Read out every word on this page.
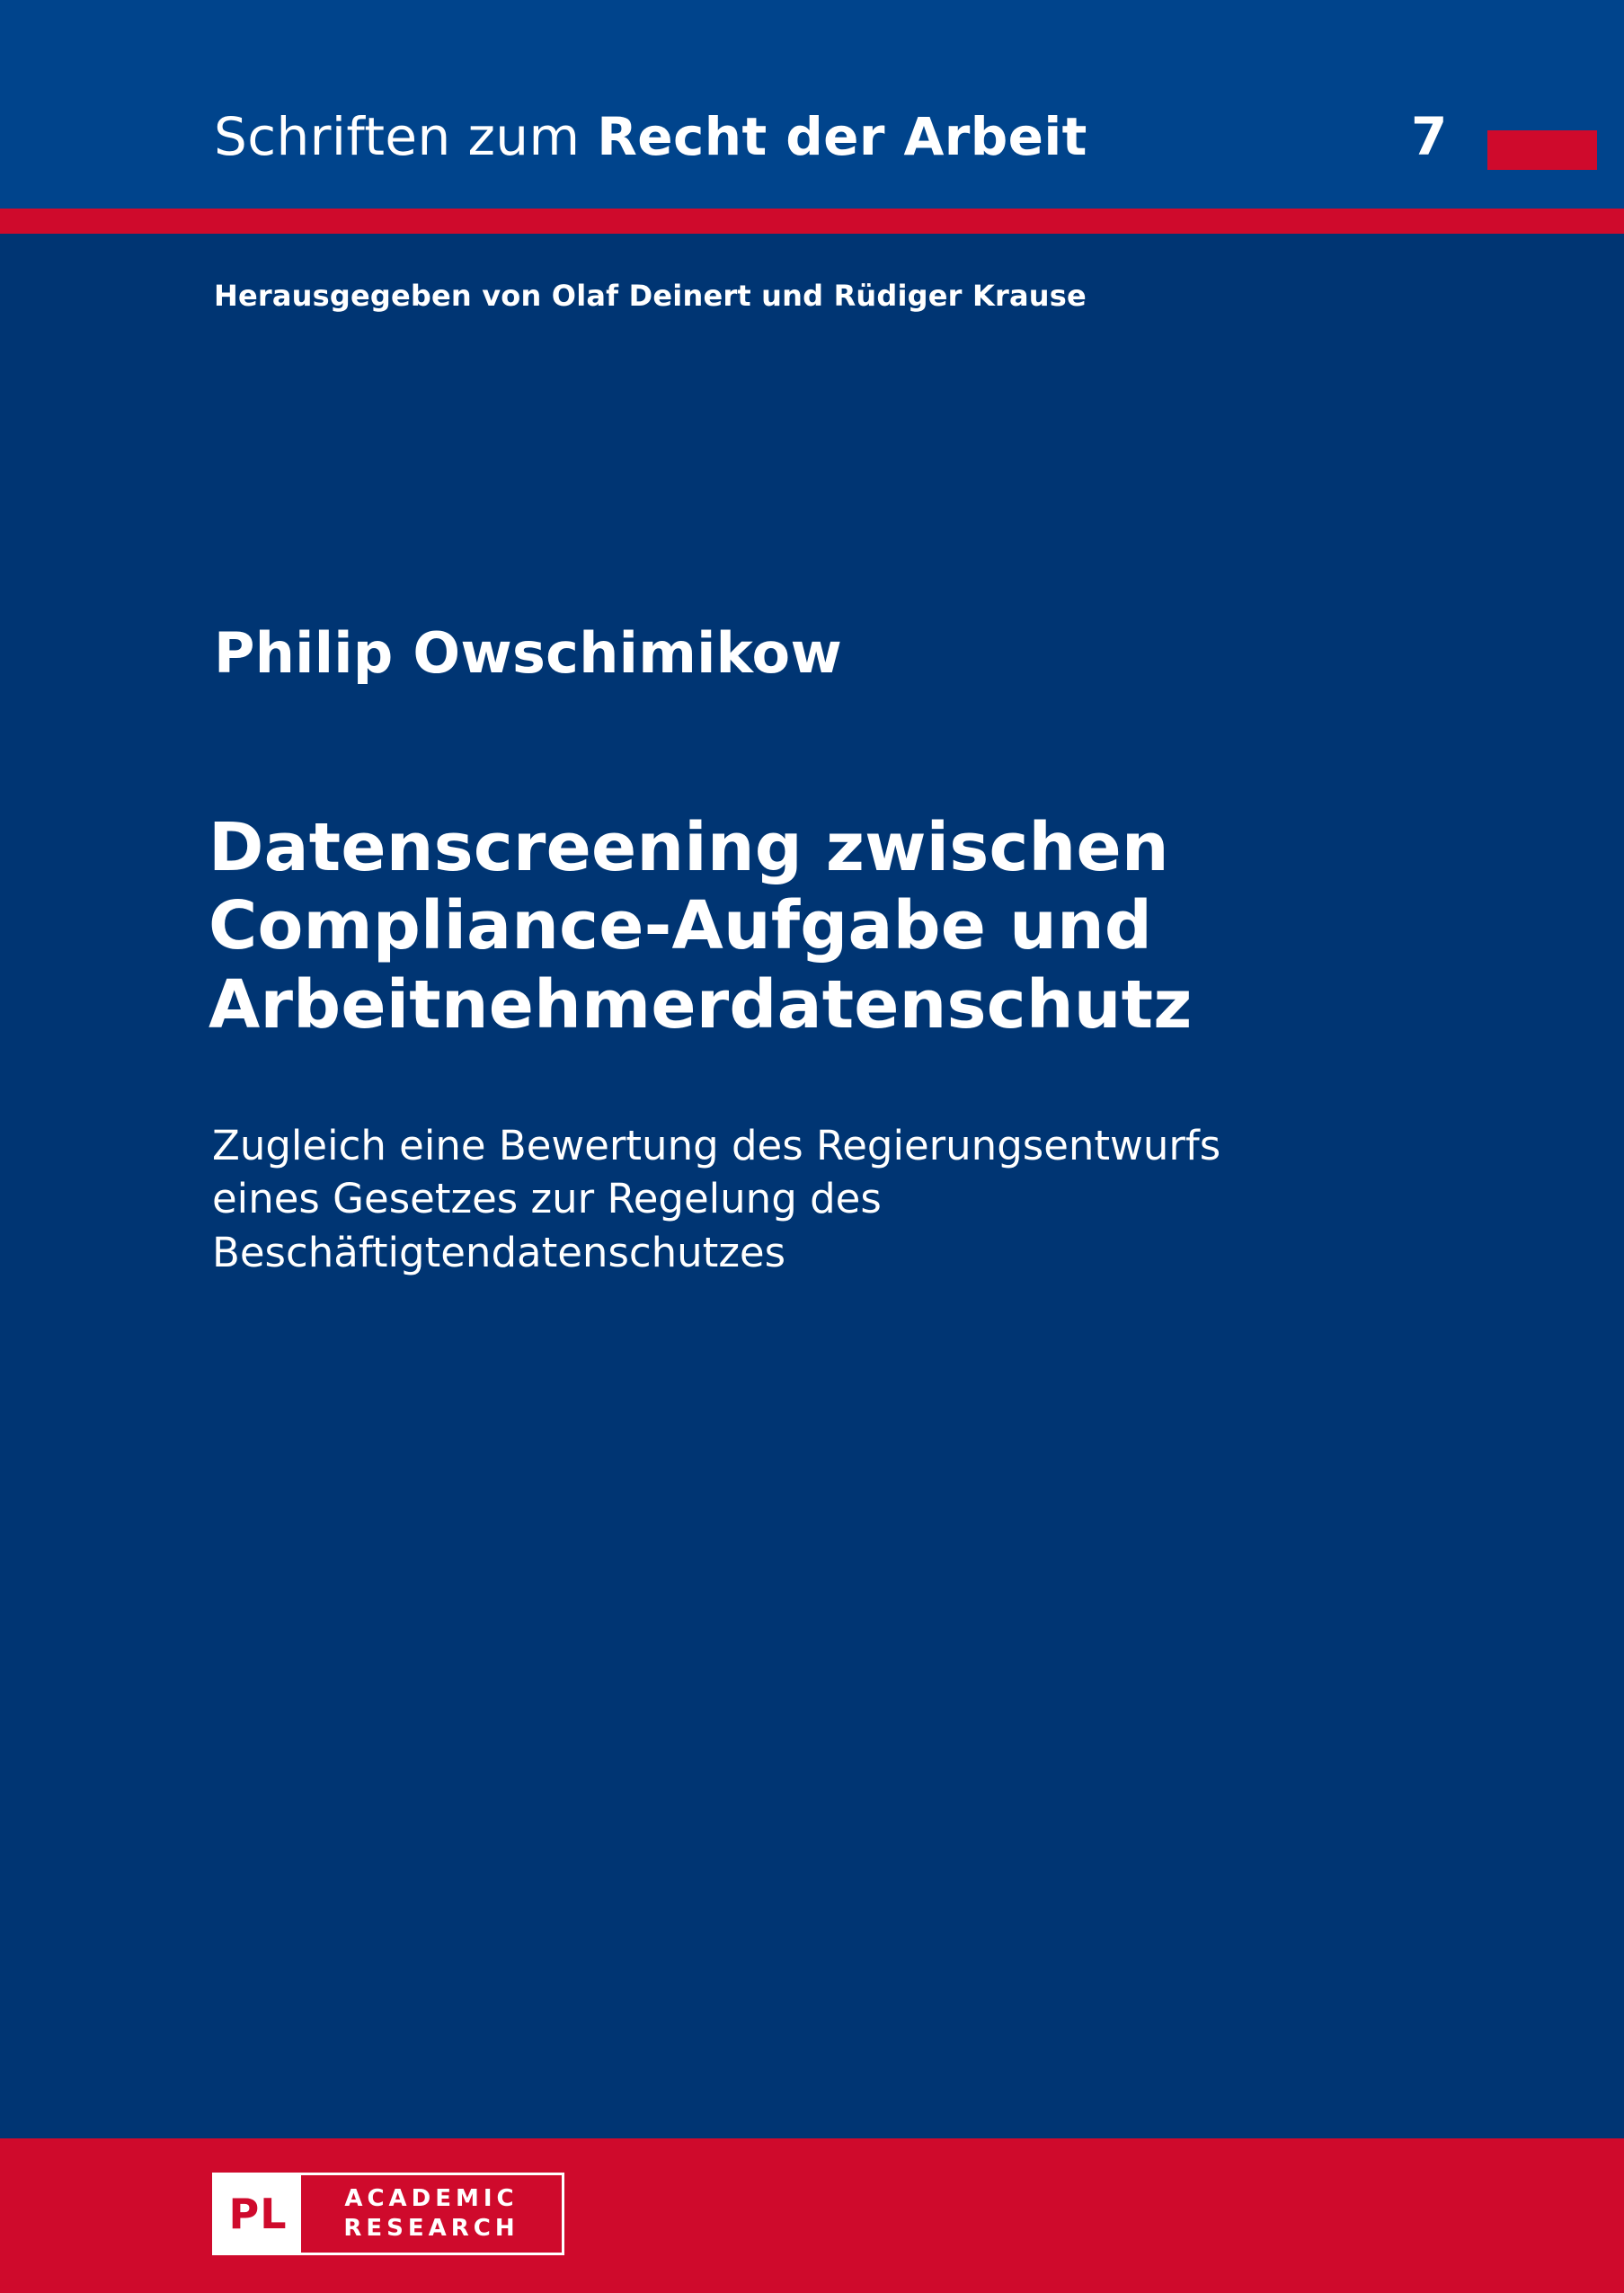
Schriften zum Recht der Arbeit	7
Herausgegeben von Olaf Deinert und Rüdiger Krause
Philip Owschimikow
Datenscreening zwischen Compliance-Aufgabe und Arbeitnehmerdatenschutz
Zugleich eine Bewertung des Regierungsentwurfs eines Gesetzes zur Regelung des Beschäftigtendatenschutzes
PL	ACADEMIC
RESEARCH
